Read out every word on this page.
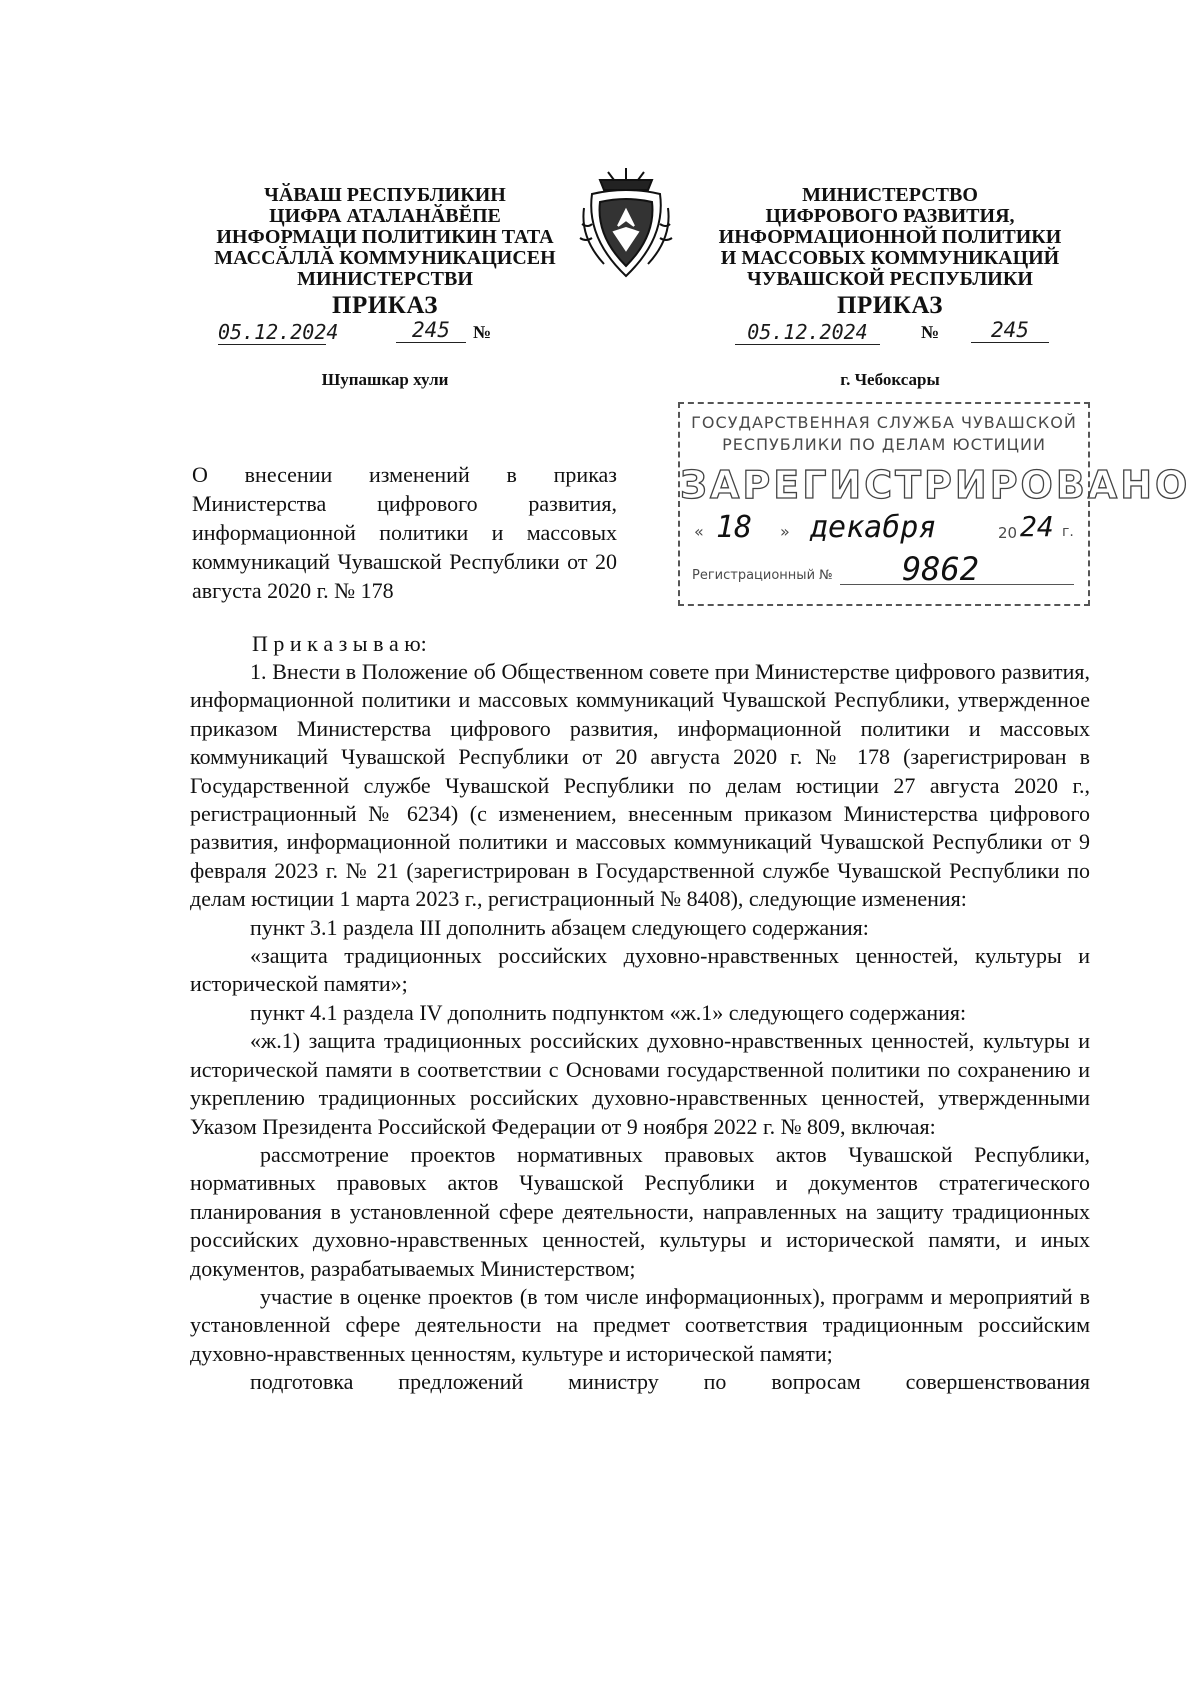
ЧӐВАШ РЕСПУБЛИКИН
ЦИФРА АТАЛАНӐВӖПЕ
ИНФОРМАЦИ ПОЛИТИКИН ТАТА
МАССӐЛЛӐ КОММУНИКАЦИСЕН
МИНИСТЕРСТВИ
ПРИКАЗ
05.12.2024	245	№
Шупашкар хули
МИНИСТЕРСТВО
ЦИФРОВОГО РАЗВИТИЯ,
ИНФОРМАЦИОННОЙ ПОЛИТИКИ
И МАССОВЫХ КОММУНИКАЦИЙ
ЧУВАШСКОЙ РЕСПУБЛИКИ
ПРИКАЗ
05.12.2024	№	245
г. Чебоксары
ГОСУДАРСТВЕННАЯ СЛУЖБА ЧУВАШСКОЙ
РЕСПУБЛИКИ ПО ДЕЛАМ ЮСТИЦИИ
ЗАРЕГИСТРИРОВАНО
« 18 » декабря	20 24 г.
Регистрационный № 9862
О внесении изменений в приказ Министерства цифрового развития, информационной политики и массовых коммуникаций Чувашской Республики от 20 августа 2020 г. № 178
П р и к а з ы в а ю:

1. Внести в Положение об Общественном совете при Министерстве цифрового развития, информационной политики и массовых коммуникаций Чувашской Республики, утвержденное приказом Министерства цифрового развития, информационной политики и массовых коммуникаций Чувашской Республики от 20 августа 2020 г. № 178 (зарегистрирован в Государственной службе Чувашской Республики по делам юстиции 27 августа 2020 г., регистрационный № 6234) (с изменением, внесенным приказом Министерства цифрового развития, информационной политики и массовых коммуникаций Чувашской Республики от 9 февраля 2023 г. № 21 (зарегистрирован в Государственной службе Чувашской Республики по делам юстиции 1 марта 2023 г., регистрационный № 8408), следующие изменения:

пункт 3.1 раздела III дополнить абзацем следующего содержания:

«защита традиционных российских духовно-нравственных ценностей, культуры и исторической памяти»;

пункт 4.1 раздела IV дополнить подпунктом «ж.1» следующего содержания:

«ж.1) защита традиционных российских духовно-нравственных ценностей, культуры и исторической памяти в соответствии с Основами государственной политики по сохранению и укреплению традиционных российских духовно-нравственных ценностей, утвержденными Указом Президента Российской Федерации от 9 ноября 2022 г. № 809, включая:

рассмотрение проектов нормативных правовых актов Чувашской Республики, нормативных правовых актов Чувашской Республики и документов стратегического планирования в установленной сфере деятельности, направленных на защиту традиционных российских духовно-нравственных ценностей, культуры и исторической памяти, и иных документов, разрабатываемых Министерством;

участие в оценке проектов (в том числе информационных), программ и мероприятий в установленной сфере деятельности на предмет соответствия традиционным российским духовно-нравственных ценностям, культуре и исторической памяти;

подготовка предложений министру по вопросам совершенствования
